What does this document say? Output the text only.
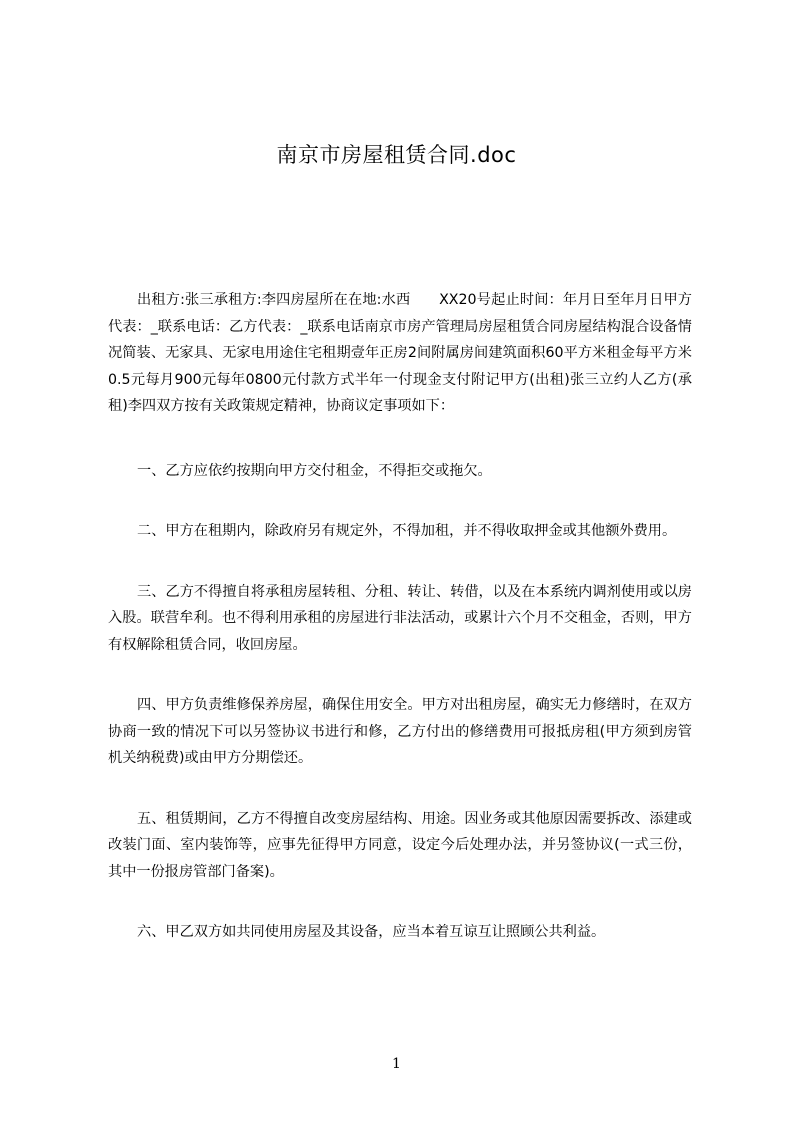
南京市房屋租赁合同.doc

出租方:张三承租方:李四房屋所在在地:水西　　XX20号起止时间：年月日至年月日甲方代表：_联系电话：乙方代表：_联系电话南京市房产管理局房屋租赁合同房屋结构混合设备情况简装、无家具、无家电用途住宅租期壹年正房2间附属房间建筑面积60平方米租金每平方米0.5元每月900元每年0800元付款方式半年一付现金支付附记甲方(出租)张三立约人乙方(承租)李四双方按有关政策规定精神，协商议定事项如下：

一、乙方应依约按期向甲方交付租金，不得拒交或拖欠。

二、甲方在租期内，除政府另有规定外，不得加租，并不得收取押金或其他额外费用。

三、乙方不得擅自将承租房屋转租、分租、转让、转借，以及在本系统内调剂使用或以房入股。联营牟利。也不得利用承租的房屋进行非法活动，或累计六个月不交租金，否则，甲方有权解除租赁合同，收回房屋。

四、甲方负责维修保养房屋，确保住用安全。甲方对出租房屋，确实无力修缮时，在双方协商一致的情况下可以另签协议书进行和修，乙方付出的修缮费用可报抵房租(甲方须到房管机关纳税费)或由甲方分期偿还。

五、租赁期间，乙方不得擅自改变房屋结构、用途。因业务或其他原因需要拆改、添建或改装门面、室内装饰等，应事先征得甲方同意，设定今后处理办法，并另签协议(一式三份，其中一份报房管部门备案)。

六、甲乙双方如共同使用房屋及其设备，应当本着互谅互让照顾公共利益。

1
